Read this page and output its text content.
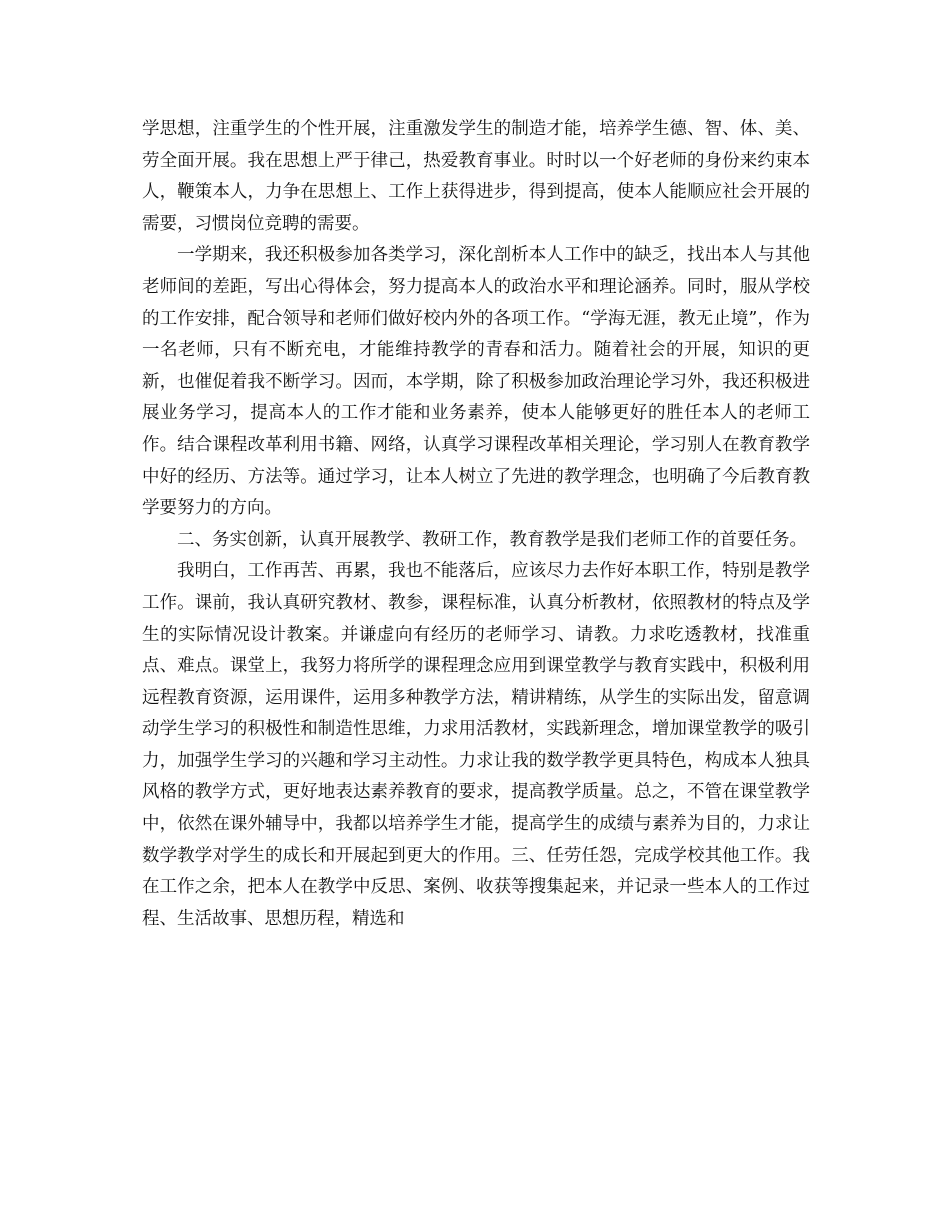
学思想，注重学生的个性开展，注重激发学生的制造才能，培养学生德、智、体、美、劳全面开展。我在思想上严于律己，热爱教育事业。时时以一个好老师的身份来约束本人，鞭策本人，力争在思想上、工作上获得进步，得到提高，使本人能顺应社会开展的需要，习惯岗位竞聘的需要。

一学期来，我还积极参加各类学习，深化剖析本人工作中的缺乏，找出本人与其他老师间的差距，写出心得体会，努力提高本人的政治水平和理论涵养。同时，服从学校的工作安排，配合领导和老师们做好校内外的各项工作。“学海无涯，教无止境”，作为一名老师，只有不断充电，才能维持教学的青春和活力。随着社会的开展，知识的更新，也催促着我不断学习。因而，本学期，除了积极参加政治理论学习外，我还积极进展业务学习，提高本人的工作才能和业务素养，使本人能够更好的胜任本人的老师工作。结合课程改革利用书籍、网络，认真学习课程改革相关理论，学习别人在教育教学中好的经历、方法等。通过学习，让本人树立了先进的教学理念，也明确了今后教育教学要努力的方向。

二、务实创新，认真开展教学、教研工作，教育教学是我们老师工作的首要任务。

我明白，工作再苦、再累，我也不能落后，应该尽力去作好本职工作，特别是教学工作。课前，我认真研究教材、教参，课程标准，认真分析教材，依照教材的特点及学生的实际情况设计教案。并谦虚向有经历的老师学习、请教。力求吃透教材，找准重点、难点。课堂上，我努力将所学的课程理念应用到课堂教学与教育实践中，积极利用远程教育资源，运用课件，运用多种教学方法，精讲精练，从学生的实际出发，留意调动学生学习的积极性和制造性思维，力求用活教材，实践新理念，增加课堂教学的吸引力，加强学生学习的兴趣和学习主动性。力求让我的数学教学更具特色，构成本人独具风格的教学方式，更好地表达素养教育的要求，提高教学质量。总之，不管在课堂教学中，依然在课外辅导中，我都以培养学生才能，提高学生的成绩与素养为目的，力求让数学教学对学生的成长和开展起到更大的作用。三、任劳任怨，完成学校其他工作。我在工作之余，把本人在教学中反思、案例、收获等搜集起来，并记录一些本人的工作过程、生活故事、思想历程，精选和
